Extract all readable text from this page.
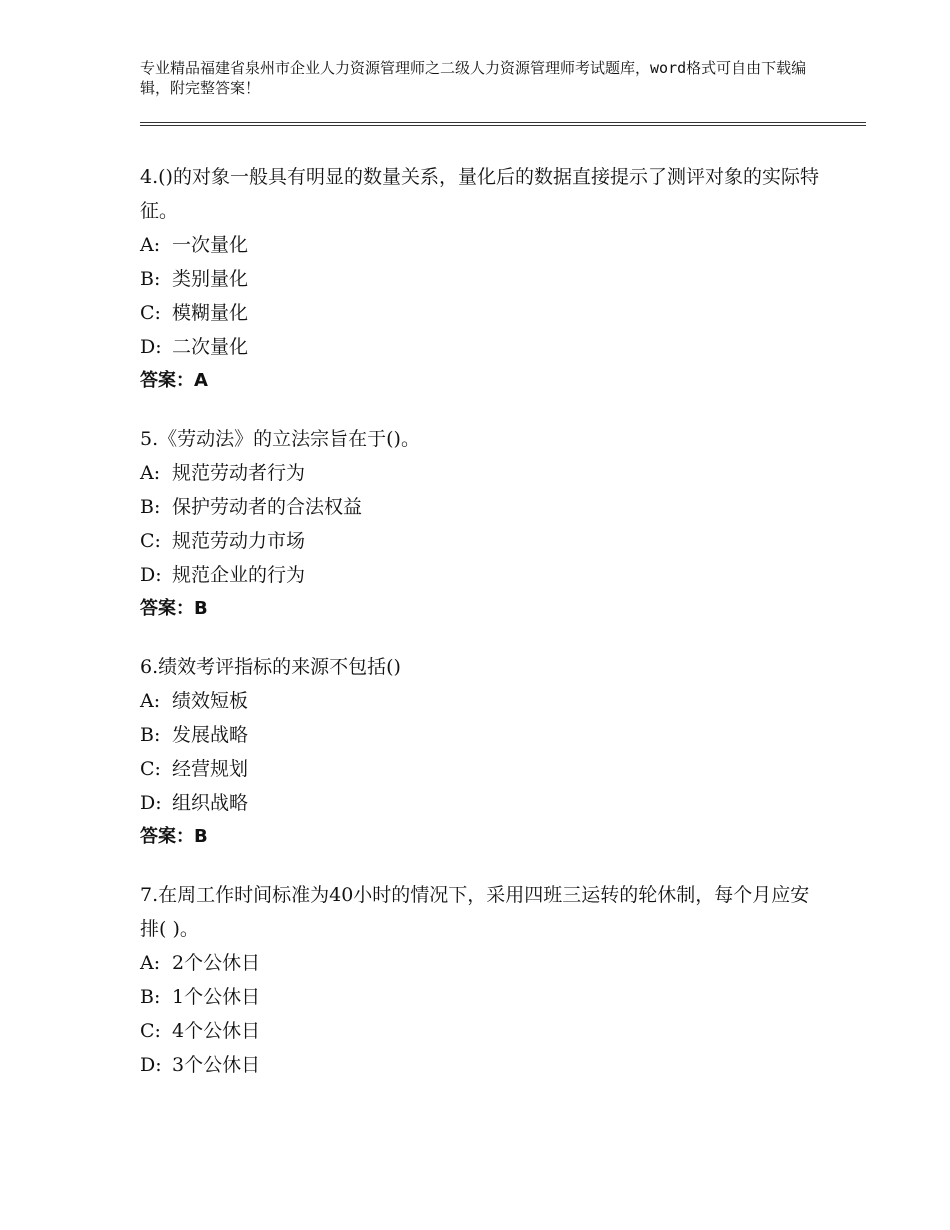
专业精品福建省泉州市企业人力资源管理师之二级人力资源管理师考试题库，word格式可自由下载编辑，附完整答案！

4.()的对象一般具有明显的数量关系，量化后的数据直接提示了测评对象的实际特征。

A: 一次量化

B: 类别量化

C: 模糊量化

D: 二次量化

答案：A

5.《劳动法》的立法宗旨在于()。

A: 规范劳动者行为

B: 保护劳动者的合法权益

C: 规范劳动力市场

D: 规范企业的行为

答案：B

6.绩效考评指标的来源不包括()

A: 绩效短板

B: 发展战略

C: 经营规划

D: 组织战略

答案：B

7.在周工作时间标准为40小时的情况下，采用四班三运转的轮休制，每个月应安排( )。

A: 2个公休日

B: 1个公休日

C: 4个公休日

D: 3个公休日
